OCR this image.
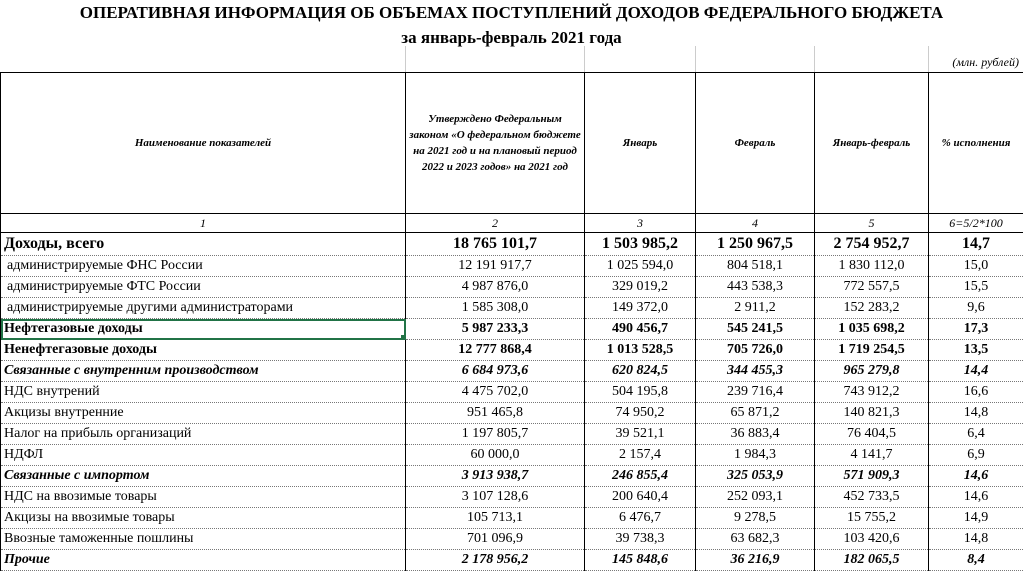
ОПЕРАТИВНАЯ ИНФОРМАЦИЯ ОБ ОБЪЕМАХ ПОСТУПЛЕНИЙ ДОХОДОВ ФЕДЕРАЛЬНОГО БЮДЖЕТА
за январь-февраль 2021 года
(млн. рублей)
Наименование показателей	Утверждено Федеральным законом «О федеральном бюджете на 2021 год и на плановый период 2022 и 2023 годов» на 2021 год	Январь	Февраль	Январь-февраль	% исполнения
1	2	3	4	5	6=5/2*100
Доходы, всего	18 765 101,7	1 503 985,2	1 250 967,5	2 754 952,7	14,7
администрируемые ФНС России	12 191 917,7	1 025 594,0	804 518,1	1 830 112,0	15,0
администрируемые ФТС России	4 987 876,0	329 019,2	443 538,3	772 557,5	15,5
администрируемые другими администраторами	1 585 308,0	149 372,0	2 911,2	152 283,2	9,6
Нефтегазовые доходы	5 987 233,3	490 456,7	545 241,5	1 035 698,2	17,3
Ненефтегазовые доходы	12 777 868,4	1 013 528,5	705 726,0	1 719 254,5	13,5
Связанные с внутренним производством	6 684 973,6	620 824,5	344 455,3	965 279,8	14,4
НДС внутрений	4 475 702,0	504 195,8	239 716,4	743 912,2	16,6
Акцизы внутренние	951 465,8	74 950,2	65 871,2	140 821,3	14,8
Налог на прибыль организаций	1 197 805,7	39 521,1	36 883,4	76 404,5	6,4
НДФЛ	60 000,0	2 157,4	1 984,3	4 141,7	6,9
Связанные с импортом	3 913 938,7	246 855,4	325 053,9	571 909,3	14,6
НДС на ввозимые товары	3 107 128,6	200 640,4	252 093,1	452 733,5	14,6
Акцизы на ввозимые товары	105 713,1	6 476,7	9 278,5	15 755,2	14,9
Ввозные таможенные пошлины	701 096,9	39 738,3	63 682,3	103 420,6	14,8
Прочие	2 178 956,2	145 848,6	36 216,9	182 065,5	8,4
